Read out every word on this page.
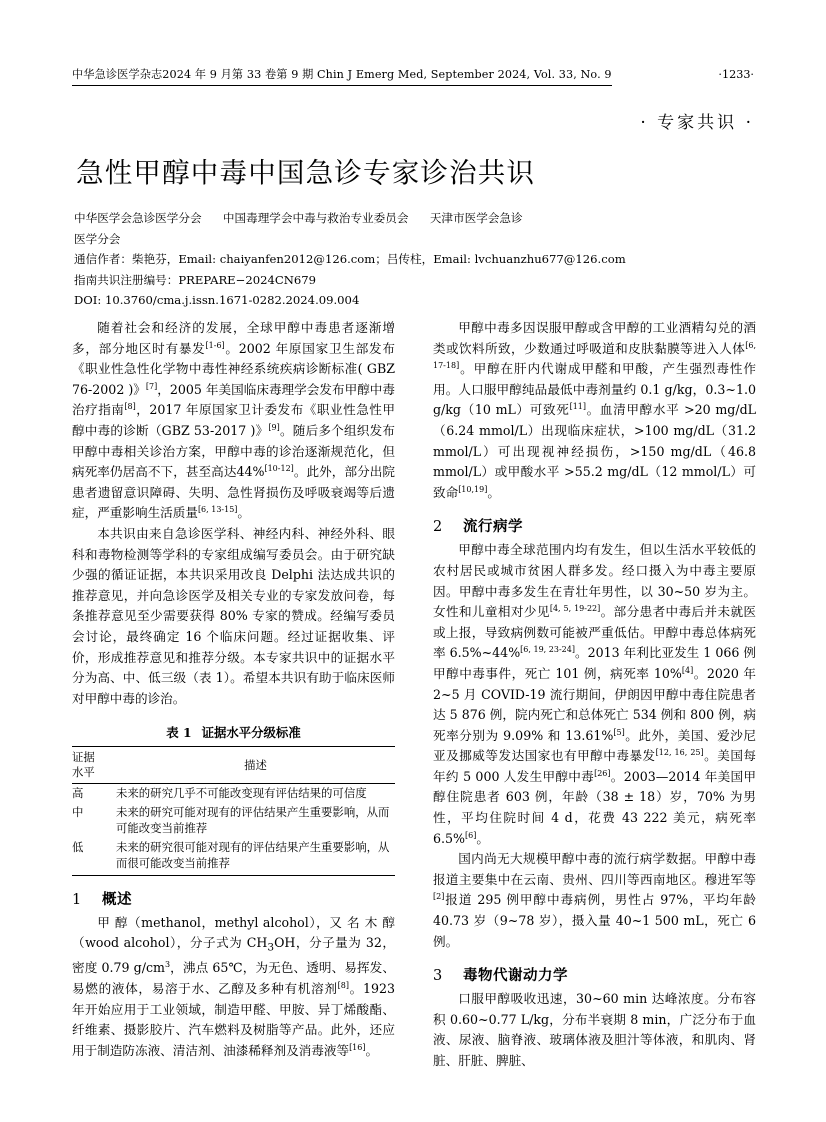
中华急诊医学杂志2024 年 9 月第 33 卷第 9 期 Chin J Emerg Med, September 2024, Vol. 33, No. 9	·1233·
· 专家共识 ·
急性甲醇中毒中国急诊专家诊治共识
中华医学会急诊医学分会 中国毒理学会中毒与救治专业委员会 天津市医学会急诊
医学分会
通信作者：柴艳芬，Email: chaiyanfen2012@126.com；吕传柱，Email: lvchuanzhu677@126.com
指南共识注册编号：PREPARE−2024CN679
DOI: 10.3760/cma.j.issn.1671-0282.2024.09.004

随着社会和经济的发展，全球甲醇中毒患者逐渐增多，部分地区时有暴发[1-6]。2002 年原国家卫生部发布《职业性急性化学物中毒性神经系统疾病诊断标准( GBZ 76-2002 )》[7]，2005 年美国临床毒理学会发布甲醇中毒治疗指南[8]，2017 年原国家卫计委发布《职业性急性甲醇中毒的诊断（GBZ 53-2017 )》[9]。随后多个组织发布甲醇中毒相关诊治方案，甲醇中毒的诊治逐渐规范化，但病死率仍居高不下，甚至高达44%[10-12]。此外，部分出院患者遗留意识障碍、失明、急性肾损伤及呼吸衰竭等后遗症，严重影响生活质量[6, 13-15]。

本共识由来自急诊医学科、神经内科、神经外科、眼科和毒物检测等学科的专家组成编写委员会。由于研究缺少强的循证证据，本共识采用改良 Delphi 法达成共识的推荐意见，并向急诊医学及相关专业的专家发放问卷，每条推荐意见至少需要获得 80% 专家的赞成。经编写委员会讨论，最终确定 16 个临床问题。经过证据收集、评价，形成推荐意见和推荐分级。本专家共识中的证据水平分为高、中、低三级（表 1）。希望本共识有助于临床医师对甲醇中毒的诊治。

表 1 证据水平分级标准
证据
水平	描述
高	未来的研究几乎不可能改变现有评估结果的可信度
中	未来的研究可能对现有的评估结果产生重要影响，从而可能改变当前推荐
低	未来的研究很可能对现有的评估结果产生重要影响，从而很可能改变当前推荐
1 概述

甲 醇（methanol，methyl alcohol），又 名 木 醇（wood alcohol），分子式为 $CH_3OH$，分子量为 32，密度 0.79 $g/cm^3$，沸点 65℃，为无色、透明、易挥发、易燃的液体，易溶于水、乙醇及多种有机溶剂[8]。1923 年开始应用于工业领域，制造甲醛、甲胺、异丁烯酸酯、纤维素、摄影胶片、汽车燃料及树脂等产品。此外，还应用于制造防冻液、清洁剂、油漆稀释剂及消毒液等[16]。

甲醇中毒多因误服甲醇或含甲醇的工业酒精勾兑的酒类或饮料所致，少数通过呼吸道和皮肤黏膜等进入人体[6, 17-18]。甲醇在肝内代谢成甲醛和甲酸，产生强烈毒性作用。人口服甲醇纯品最低中毒剂量约 0.1 g/kg，0.3~1.0 g/kg（10 mL）可致死[11]。血清甲醇水平 >20 mg/dL（6.24 mmol/L）出现临床症状，>100 mg/dL（31.2 mmol/L）可出现视神经损伤，>150 mg/dL（46.8 mmol/L）或甲酸水平 >55.2 mg/dL（12 mmol/L）可致命[10,19]。

2 流行病学

甲醇中毒全球范围内均有发生，但以生活水平较低的农村居民或城市贫困人群多发。经口摄入为中毒主要原因。甲醇中毒多发生在青壮年男性，以 30~50 岁为主。女性和儿童相对少见[4, 5, 19-22]。部分患者中毒后并未就医或上报，导致病例数可能被严重低估。甲醇中毒总体病死率 6.5%~44%[6, 19, 23-24]。2013 年利比亚发生 1 066 例甲醇中毒事件，死亡 101 例，病死率 10%[4]。2020 年 2~5 月 COVID-19 流行期间，伊朗因甲醇中毒住院患者达 5 876 例，院内死亡和总体死亡 534 例和 800 例，病死率分别为 9.09% 和 13.61%[5]。此外，美国、爱沙尼亚及挪威等发达国家也有甲醇中毒暴发[12, 16, 25]。美国每年约 5 000 人发生甲醇中毒[26]。2003—2014 年美国甲醇住院患者 603 例，年龄（38 ± 18）岁，70% 为男性，平均住院时间 4 d，花费 43 222 美元，病死率 6.5%[6]。

国内尚无大规模甲醇中毒的流行病学数据。甲醇中毒报道主要集中在云南、贵州、四川等西南地区。穆进军等[2]报道 295 例甲醇中毒病例，男性占 97%，平均年龄 40.73 岁（9~78 岁），摄入量 40~1 500 mL，死亡 6 例。

3 毒物代谢动力学

口服甲醇吸收迅速，30~60 min 达峰浓度。分布容积 0.60~0.77 L/kg，分布半衰期 8 min，广泛分布于血液、尿液、脑脊液、玻璃体液及胆汁等体液，和肌肉、肾脏、肝脏、脾脏、
